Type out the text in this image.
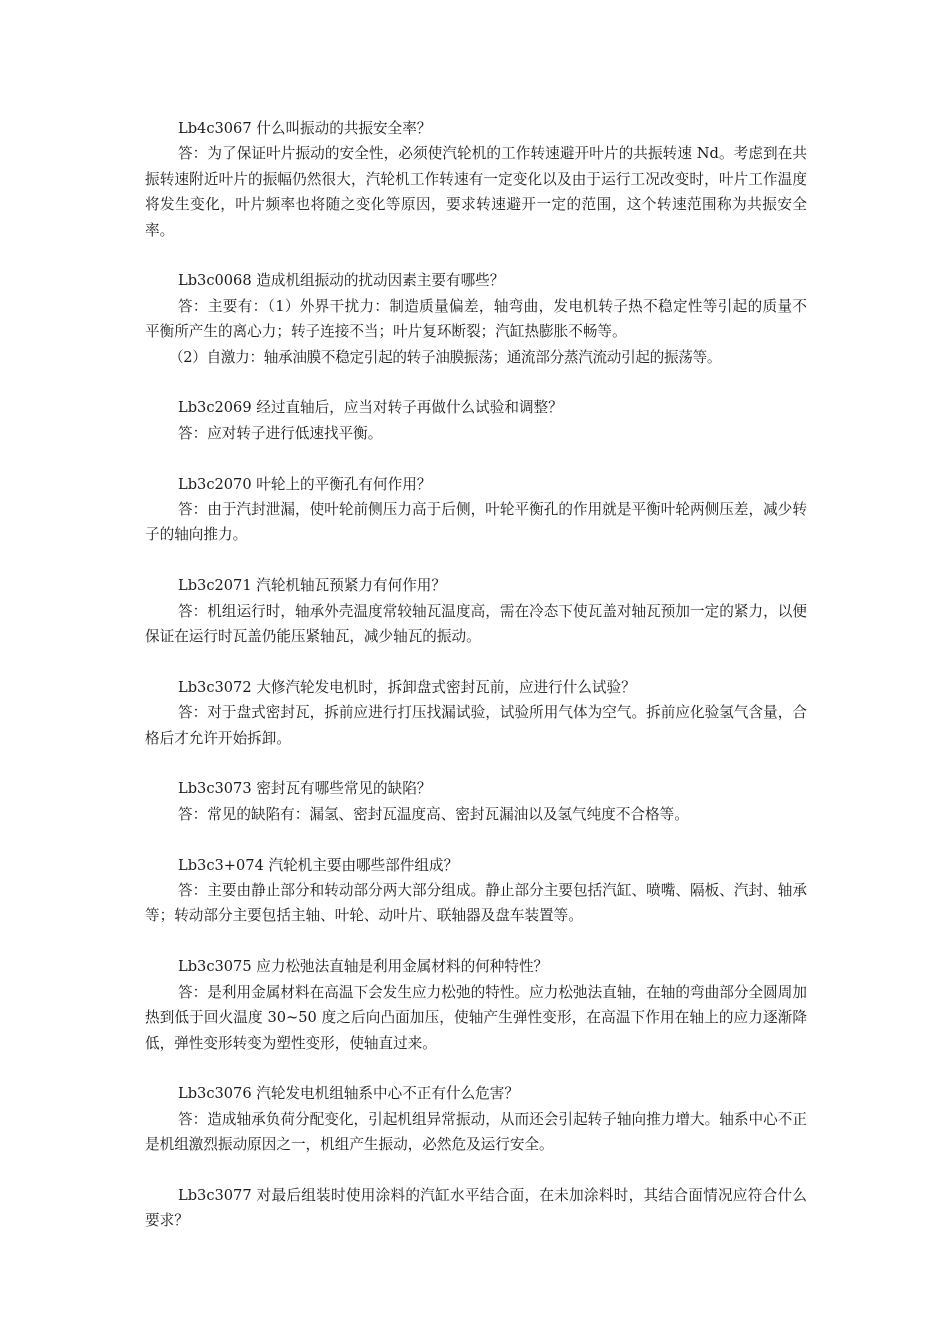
Lb4c3067 什么叫振动的共振安全率？

答：为了保证叶片振动的安全性，必须使汽轮机的工作转速避开叶片的共振转速 Nd。考虑到在共振转速附近叶片的振幅仍然很大，汽轮机工作转速有一定变化以及由于运行工况改变时，叶片工作温度将发生变化，叶片频率也将随之变化等原因，要求转速避开一定的范围，这个转速范围称为共振安全率。

Lb3c0068 造成机组振动的扰动因素主要有哪些？

答：主要有：（1）外界干扰力：制造质量偏差，轴弯曲，发电机转子热不稳定性等引起的质量不平衡所产生的离心力；转子连接不当；叶片复环断裂；汽缸热膨胀不畅等。

（2）自激力：轴承油膜不稳定引起的转子油膜振荡；通流部分蒸汽流动引起的振荡等。

Lb3c2069 经过直轴后，应当对转子再做什么试验和调整？

答：应对转子进行低速找平衡。

Lb3c2070 叶轮上的平衡孔有何作用？

答：由于汽封泄漏，使叶轮前侧压力高于后侧，叶轮平衡孔的作用就是平衡叶轮两侧压差，减少转子的轴向推力。

Lb3c2071 汽轮机轴瓦预紧力有何作用？

答：机组运行时，轴承外壳温度常较轴瓦温度高，需在冷态下使瓦盖对轴瓦预加一定的紧力，以便保证在运行时瓦盖仍能压紧轴瓦，减少轴瓦的振动。

Lb3c3072 大修汽轮发电机时，拆卸盘式密封瓦前，应进行什么试验？

答：对于盘式密封瓦，拆前应进行打压找漏试验，试验所用气体为空气。拆前应化验氢气含量，合格后才允许开始拆卸。

Lb3c3073 密封瓦有哪些常见的缺陷？

答：常见的缺陷有：漏氢、密封瓦温度高、密封瓦漏油以及氢气纯度不合格等。

Lb3c3+074 汽轮机主要由哪些部件组成？

答：主要由静止部分和转动部分两大部分组成。静止部分主要包括汽缸、喷嘴、隔板、汽封、轴承等；转动部分主要包括主轴、叶轮、动叶片、联轴器及盘车装置等。

Lb3c3075 应力松弛法直轴是利用金属材料的何种特性？

答：是利用金属材料在高温下会发生应力松弛的特性。应力松弛法直轴，在轴的弯曲部分全圆周加热到低于回火温度 30~50 度之后向凸面加压，使轴产生弹性变形，在高温下作用在轴上的应力逐渐降低，弹性变形转变为塑性变形，使轴直过来。

Lb3c3076 汽轮发电机组轴系中心不正有什么危害？

答：造成轴承负荷分配变化，引起机组异常振动，从而还会引起转子轴向推力增大。轴系中心不正是机组激烈振动原因之一，机组产生振动，必然危及运行安全。

Lb3c3077 对最后组装时使用涂料的汽缸水平结合面，在未加涂料时，其结合面情况应符合什么要求？
